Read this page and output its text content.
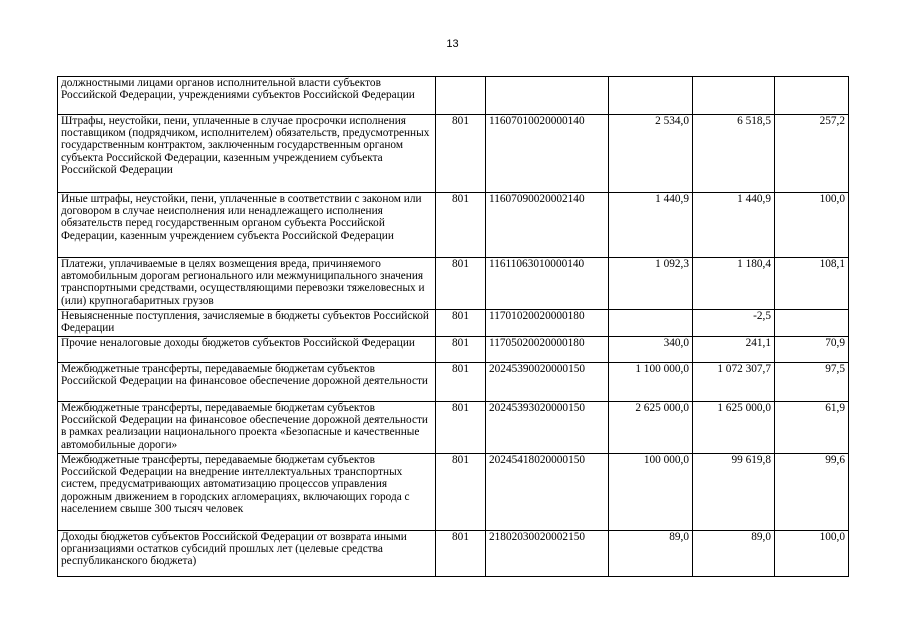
13
должностными лицами органов исполнительной власти субъектов Российской Федерации, учреждениями субъектов Российской Федерации					
Штрафы, неустойки, пени, уплаченные в случае просрочки исполнения поставщиком (подрядчиком, исполнителем) обязательств, предусмотренных государственным контрактом, заключенным государственным органом субъекта Российской Федерации, казенным учреждением субъекта Российской Федерации	801	11607010020000140	2 534,0	6 518,5	257,2
Иные штрафы, неустойки, пени, уплаченные в соответствии с законом или договором в случае неисполнения или ненадлежащего исполнения обязательств перед государственным органом субъекта Российской Федерации, казенным учреждением субъекта Российской Федерации	801	11607090020002140	1 440,9	1 440,9	100,0
Платежи, уплачиваемые в целях возмещения вреда, причиняемого автомобильным дорогам регионального или межмуниципального значения транспортными средствами, осуществляющими перевозки тяжеловесных и (или) крупногабаритных грузов	801	11611063010000140	1 092,3	1 180,4	108,1
Невыясненные поступления, зачисляемые в бюджеты субъектов Российской Федерации	801	11701020020000180		-2,5	
Прочие неналоговые доходы бюджетов субъектов Российской Федерации	801	11705020020000180	340,0	241,1	70,9
Межбюджетные трансферты, передаваемые бюджетам субъектов Российской Федерации на финансовое обеспечение дорожной деятельности	801	20245390020000150	1 100 000,0	1 072 307,7	97,5
Межбюджетные трансферты, передаваемые бюджетам субъектов Российской Федерации на финансовое обеспечение дорожной деятельности в рамках реализации национального проекта «Безопасные и качественные автомобильные дороги»	801	20245393020000150	2 625 000,0	1 625 000,0	61,9
Межбюджетные трансферты, передаваемые бюджетам субъектов Российской Федерации на внедрение интеллектуальных транспортных систем, предусматривающих автоматизацию процессов управления дорожным движением в городских агломерациях, включающих города с населением свыше 300 тысяч человек	801	20245418020000150	100 000,0	99 619,8	99,6
Доходы бюджетов субъектов Российской Федерации от возврата иными организациями остатков субсидий прошлых лет (целевые средства республиканского бюджета)	801	21802030020002150	89,0	89,0	100,0
